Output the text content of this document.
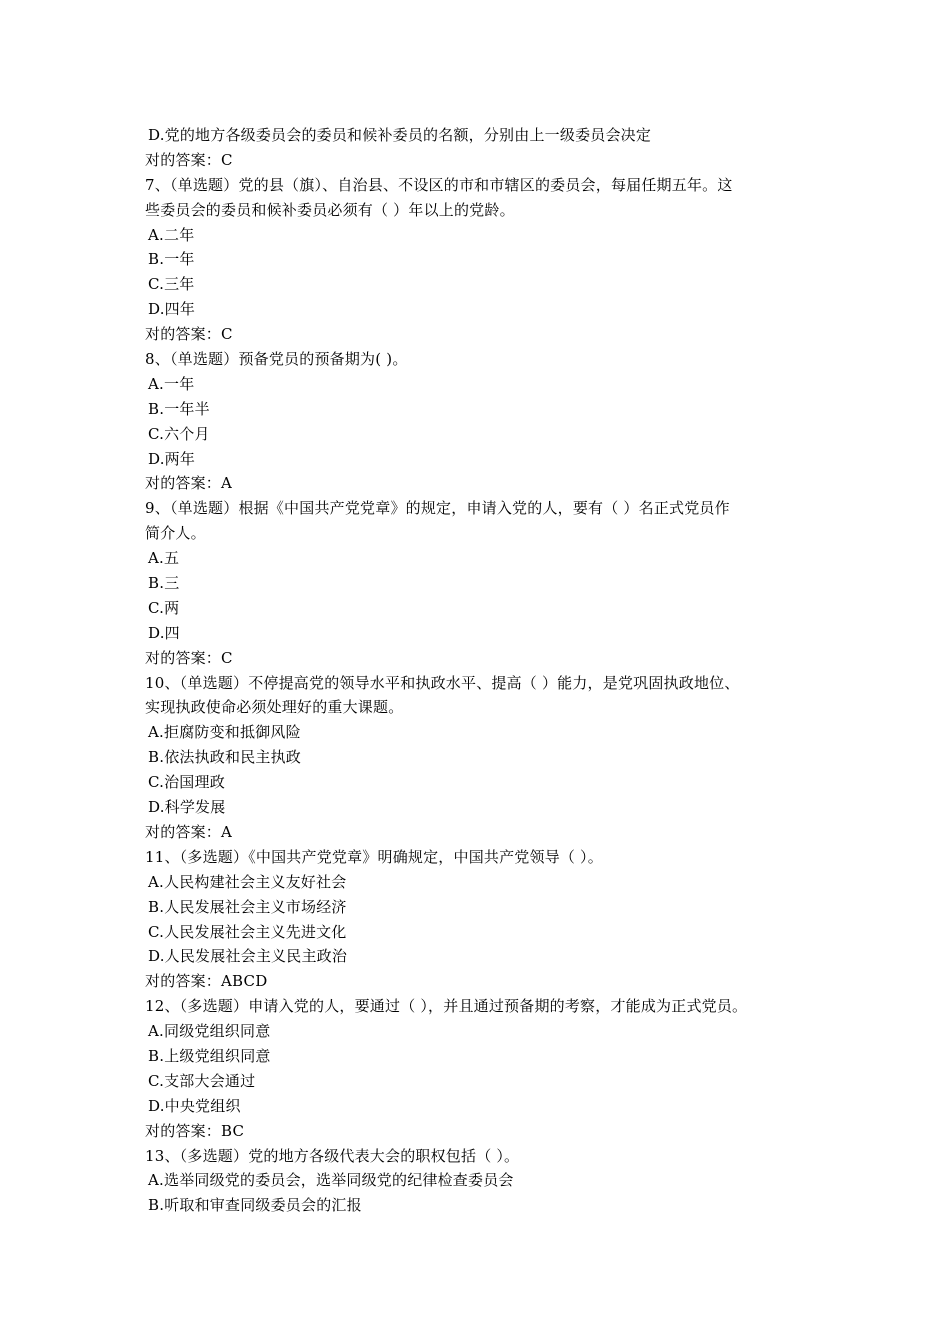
D.党的地方各级委员会的委员和候补委员的名额，分别由上一级委员会决定
对的答案：C
7、（单选题）党的县（旗）、自治县、不设区的市和市辖区的委员会，每届任期五年。这
些委员会的委员和候补委员必须有（ ）年以上的党龄。
A.二年
B.一年
C.三年
D.四年
对的答案：C
8、（单选题）预备党员的预备期为( )。
A.一年
B.一年半
C.六个月
D.两年
对的答案：A
9、（单选题）根据《中国共产党党章》的规定，申请入党的人，要有（ ）名正式党员作
简介人。
A.五
B.三
C.两
D.四
对的答案：C
10、（单选题）不停提高党的领导水平和执政水平、提高（ ）能力，是党巩固执政地位、
实现执政使命必须处理好的重大课题。
A.拒腐防变和抵御风险
B.依法执政和民主执政
C.治国理政
D.科学发展
对的答案：A
11、（多选题）《中国共产党党章》明确规定，中国共产党领导（ ）。
A.人民构建社会主义友好社会
B.人民发展社会主义市场经济
C.人民发展社会主义先进文化
D.人民发展社会主义民主政治
对的答案：ABCD
12、（多选题）申请入党的人，要通过（ ），并且通过预备期的考察，才能成为正式党员。
A.同级党组织同意
B.上级党组织同意
C.支部大会通过
D.中央党组织
对的答案：BC
13、（多选题）党的地方各级代表大会的职权包括（ ）。
A.选举同级党的委员会，选举同级党的纪律检查委员会
B.听取和审查同级委员会的汇报
